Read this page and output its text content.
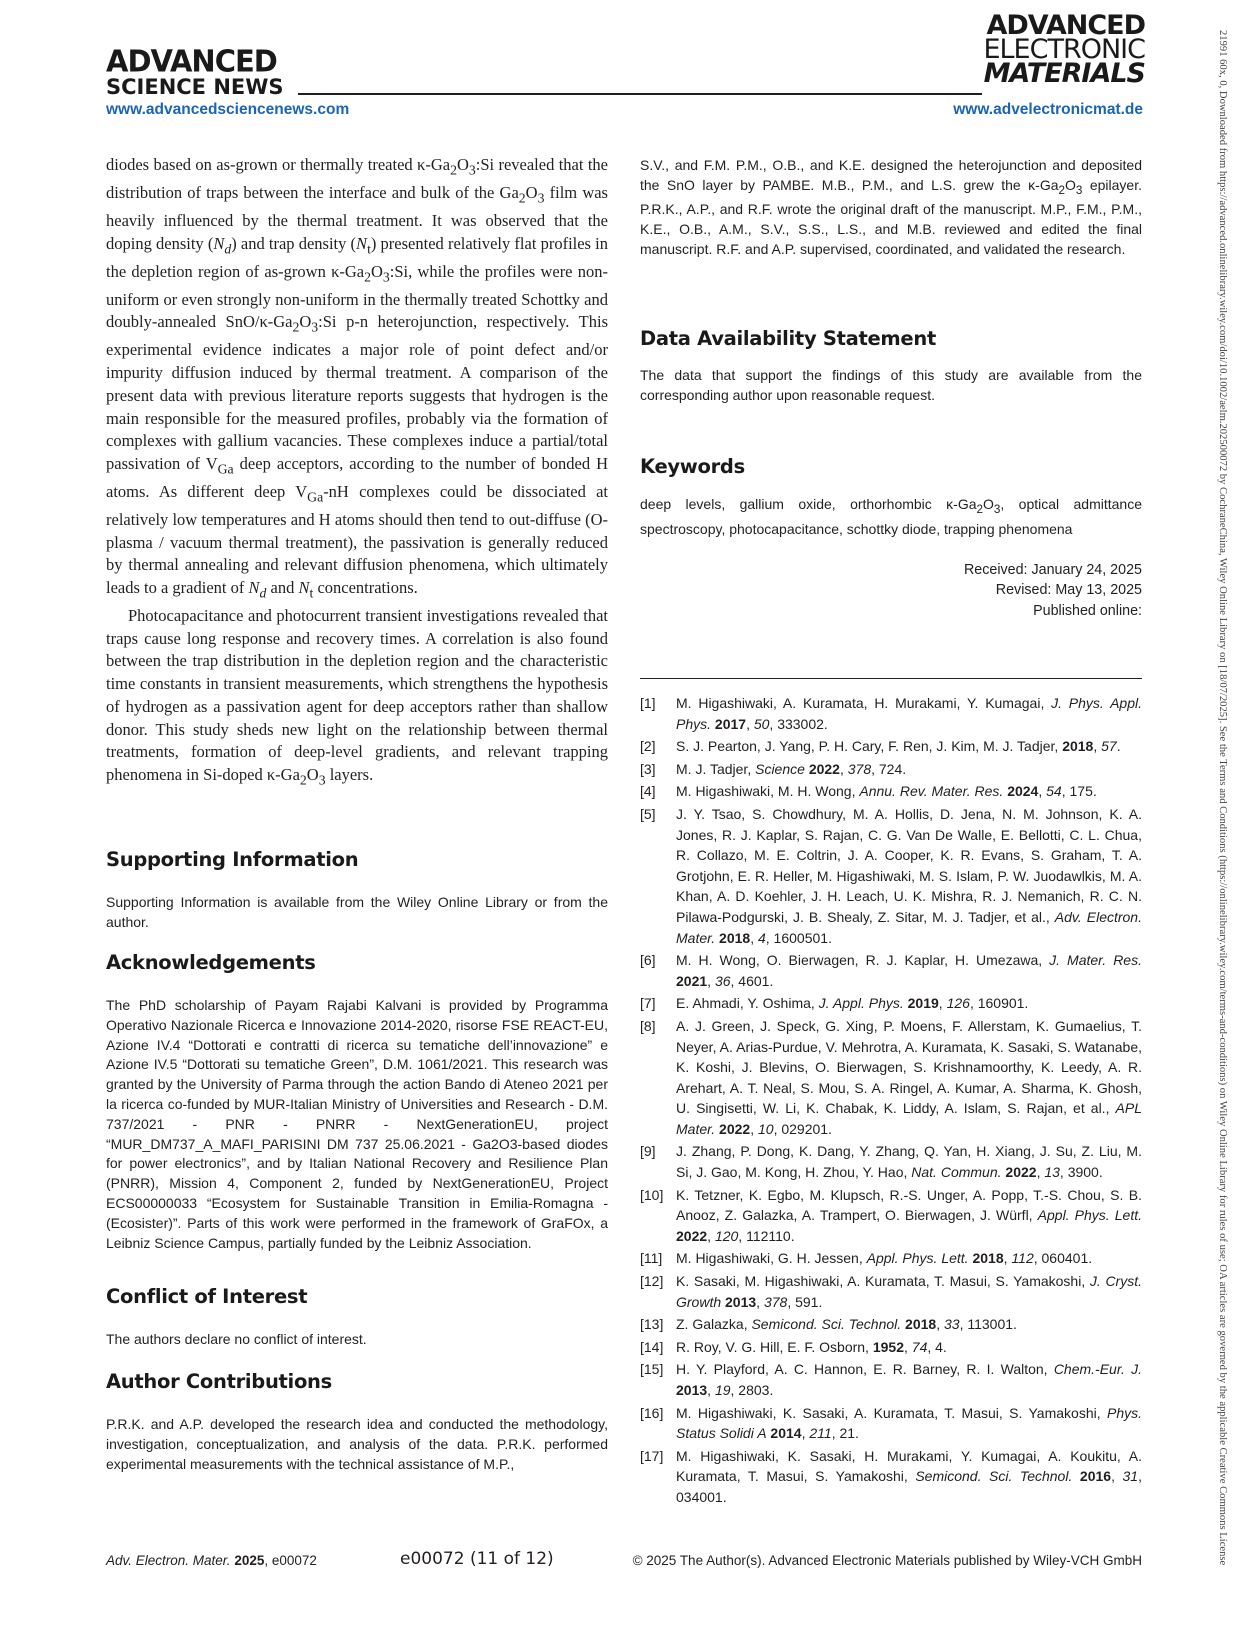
ADVANCED
SCIENCE NEWS
ADVANCED
ELECTRONIC
MATERIALS
www.advancedsciencenews.com	www.advelectronicmat.de	21991 60x, 0, Downloaded from https://advanced.onlinelibrary.wiley.com/doi/10.1002/aelm.202500072 by CochraneChina, Wiley Online Library on [18/07/2025]. See the Terms and Conditions (https://onlinelibrary.wiley.com/terms-and-conditions) on Wiley Online Library for rules of use; OA articles are governed by the applicable Creative Commons License

diodes based on as-grown or thermally treated $\kappa-Ga_2O_3:Si$ revealed that the distribution of traps between the interface and bulk of the $Ga_2O_3$ film was heavily influenced by the thermal treatment. It was observed that the doping density $(N_d)$ and trap density $(N_t)$ presented relatively flat profiles in the depletion region of as-grown $\kappa-Ga_2O_3:Si$, while the profiles were non-uniform or even strongly non-uniform in the thermally treated Schottky and doubly-annealed SnO/$\kappa-Ga_2O_3:Si$ p-n heterojunction, respectively. This experimental evidence indicates a major role of point defect and/or impurity diffusion induced by thermal treatment. A comparison of the present data with previous literature reports suggests that hydrogen is the main responsible for the measured profiles, probably via the formation of complexes with gallium vacancies. These complexes induce a partial/total passivation of $V_{Ga}$ deep acceptors, according to the number of bonded H atoms. As different deep $V_{Ga}-nH$ complexes could be dissociated at relatively low temperatures and H atoms should then tend to out-diffuse (O-plasma / vacuum thermal treatment), the passivation is generally reduced by thermal annealing and relevant diffusion phenomena, which ultimately leads to a gradient of $N_d$ and $N_t$ concentrations.

Photocapacitance and photocurrent transient investigations revealed that traps cause long response and recovery times. A correlation is also found between the trap distribution in the depletion region and the characteristic time constants in transient measurements, which strengthens the hypothesis of hydrogen as a passivation agent for deep acceptors rather than shallow donor. This study sheds new light on the relationship between thermal treatments, formation of deep-level gradients, and relevant trapping phenomena in Si-doped $\kappa-Ga_2O_3$ layers.

Supporting Information
Supporting Information is available from the Wiley Online Library or from the author.
Acknowledgements
The PhD scholarship of Payam Rajabi Kalvani is provided by Programma Operativo Nazionale Ricerca e Innovazione 2014-2020, risorse FSE REACT-EU, Azione IV.4 “Dottorati e contratti di ricerca su tematiche dell’innovazione” e Azione IV.5 “Dottorati su tematiche Green”, D.M. 1061/2021. This research was granted by the University of Parma through the action Bando di Ateneo 2021 per la ricerca co-funded by MUR-Italian Ministry of Universities and Research - D.M. 737/2021 - PNR - PNRR - NextGenerationEU, project “MUR_DM737_A_MAFI_PARISINI DM 737 25.06.2021 - Ga2O3-based diodes for power electronics”, and by Italian National Recovery and Resilience Plan (PNRR), Mission 4, Component 2, funded by NextGenerationEU, Project ECS00000033 “Ecosystem for Sustainable Transition in Emilia-Romagna - (Ecosister)”. Parts of this work were performed in the framework of GraFOx, a Leibniz Science Campus, partially funded by the Leibniz Association.
Conflict of Interest
The authors declare no conflict of interest.
Author Contributions
P.R.K. and A.P. developed the research idea and conducted the methodology, investigation, conceptualization, and analysis of the data. P.R.K. performed experimental measurements with the technical assistance of M.P.,
S.V., and F.M. P.M., O.B., and K.E. designed the heterojunction and deposited the SnO layer by PAMBE. M.B., P.M., and L.S. grew the $\kappa-Ga_2O_3$ epilayer. P.R.K., A.P., and R.F. wrote the original draft of the manuscript. M.P., F.M., P.M., K.E., O.B., A.M., S.V., S.S., L.S., and M.B. reviewed and edited the final manuscript. R.F. and A.P. supervised, coordinated, and validated the research.
Data Availability Statement
The data that support the findings of this study are available from the corresponding author upon reasonable request.
Keywords
deep levels, gallium oxide, orthorhombic $\kappa-Ga_2O_3$, optical admittance spectroscopy, photocapacitance, schottky diode, trapping phenomena
Received: January 24, 2025
Revised: May 13, 2025
Published online:
[1] M. Higashiwaki, A. Kuramata, H. Murakami, Y. Kumagai, J. Phys. Appl. Phys. 2017, 50, 333002.
[2] S. J. Pearton, J. Yang, P. H. Cary, F. Ren, J. Kim, M. J. Tadjer, 2018, 57.
[3] M. J. Tadjer, Science 2022, 378, 724.
[4] M. Higashiwaki, M. H. Wong, Annu. Rev. Mater. Res. 2024, 54, 175.
[5] J. Y. Tsao, S. Chowdhury, M. A. Hollis, D. Jena, N. M. Johnson, K. A. Jones, R. J. Kaplar, S. Rajan, C. G. Van De Walle, E. Bellotti, C. L. Chua, R. Collazo, M. E. Coltrin, J. A. Cooper, K. R. Evans, S. Graham, T. A. Grotjohn, E. R. Heller, M. Higashiwaki, M. S. Islam, P. W. Juodawlkis, M. A. Khan, A. D. Koehler, J. H. Leach, U. K. Mishra, R. J. Nemanich, R. C. N. Pilawa-Podgurski, J. B. Shealy, Z. Sitar, M. J. Tadjer, et al., Adv. Electron. Mater. 2018, 4, 1600501.
[6] M. H. Wong, O. Bierwagen, R. J. Kaplar, H. Umezawa, J. Mater. Res. 2021, 36, 4601.
[7] E. Ahmadi, Y. Oshima, J. Appl. Phys. 2019, 126, 160901.
[8] A. J. Green, J. Speck, G. Xing, P. Moens, F. Allerstam, K. Gumaelius, T. Neyer, A. Arias-Purdue, V. Mehrotra, A. Kuramata, K. Sasaki, S. Watanabe, K. Koshi, J. Blevins, O. Bierwagen, S. Krishnamoorthy, K. Leedy, A. R. Arehart, A. T. Neal, S. Mou, S. A. Ringel, A. Kumar, A. Sharma, K. Ghosh, U. Singisetti, W. Li, K. Chabak, K. Liddy, A. Islam, S. Rajan, et al., APL Mater. 2022, 10, 029201.
[9] J. Zhang, P. Dong, K. Dang, Y. Zhang, Q. Yan, H. Xiang, J. Su, Z. Liu, M. Si, J. Gao, M. Kong, H. Zhou, Y. Hao, Nat. Commun. 2022, 13, 3900.
[10] K. Tetzner, K. Egbo, M. Klupsch, R.-S. Unger, A. Popp, T.-S. Chou, S. B. Anooz, Z. Galazka, A. Trampert, O. Bierwagen, J. Würfl, Appl. Phys. Lett. 2022, 120, 112110.
[11] M. Higashiwaki, G. H. Jessen, Appl. Phys. Lett. 2018, 112, 060401.
[12] K. Sasaki, M. Higashiwaki, A. Kuramata, T. Masui, S. Yamakoshi, J. Cryst. Growth 2013, 378, 591.
[13] Z. Galazka, Semicond. Sci. Technol. 2018, 33, 113001.
[14] R. Roy, V. G. Hill, E. F. Osborn, 1952, 74, 4.
[15] H. Y. Playford, A. C. Hannon, E. R. Barney, R. I. Walton, Chem.-Eur. J. 2013, 19, 2803.
[16] M. Higashiwaki, K. Sasaki, A. Kuramata, T. Masui, S. Yamakoshi, Phys. Status Solidi A 2014, 211, 21.
[17] M. Higashiwaki, K. Sasaki, H. Murakami, Y. Kumagai, A. Koukitu, A. Kuramata, T. Masui, S. Yamakoshi, Semicond. Sci. Technol. 2016, 31, 034001.
Adv. Electron. Mater. 2025, e00072	e00072 (11 of 12)	© 2025 The Author(s). Advanced Electronic Materials published by Wiley-VCH GmbH
